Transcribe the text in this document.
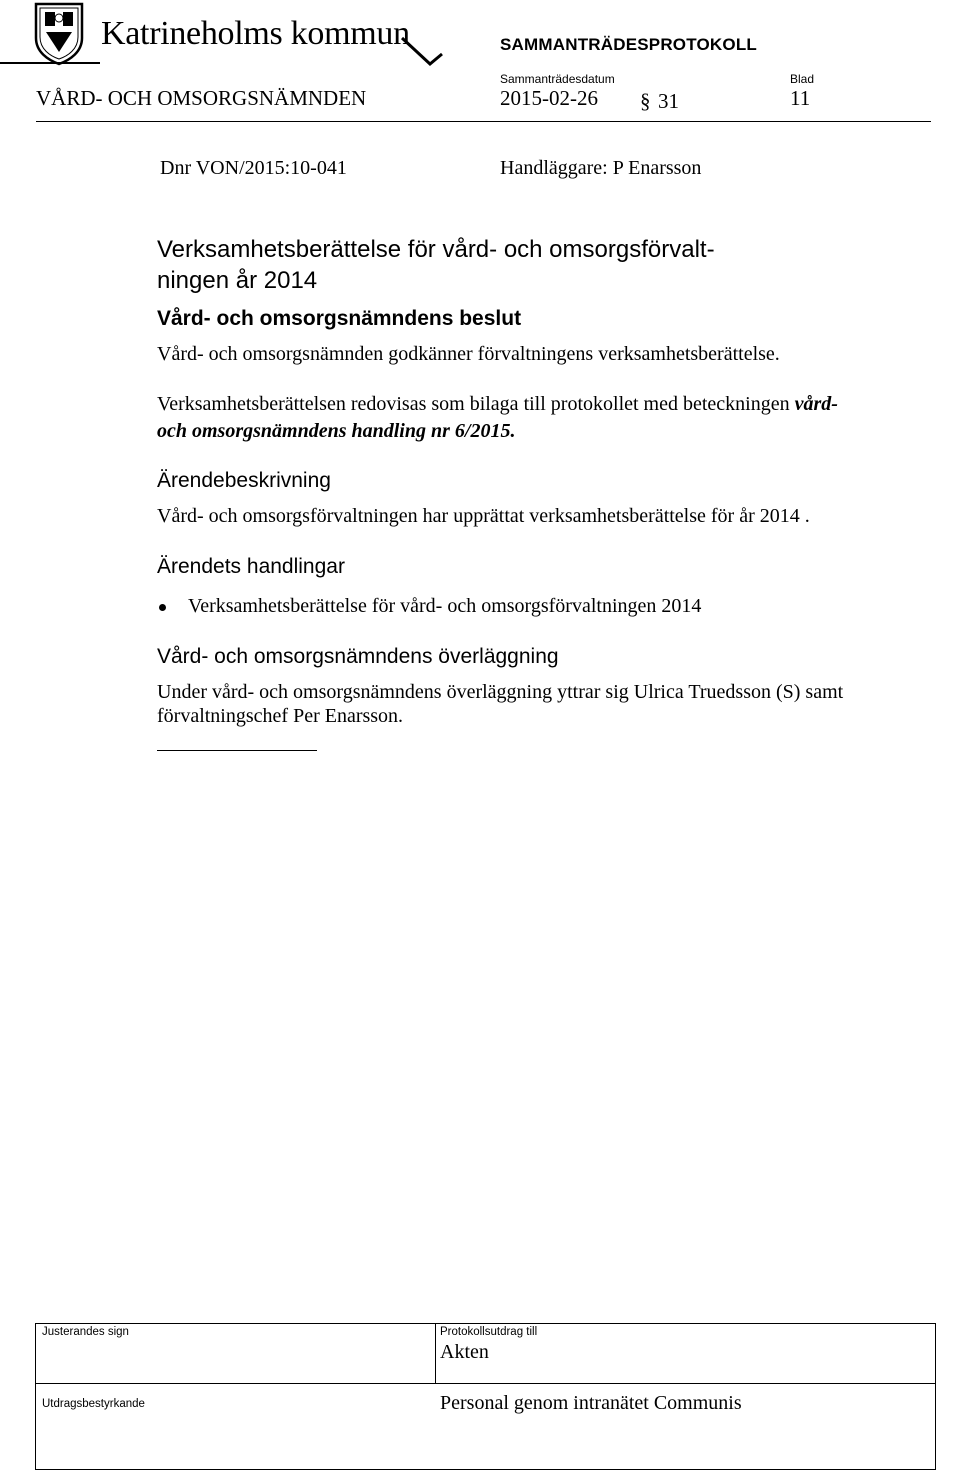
Katrineholms kommun	SAMMANTRÄDESPROTOKOLL
Sammanträdesdatum	Blad
VÅRD- OCH OMSORGSNÄMNDEN	2015-02-26 § 31	11
Dnr VON/2015:10-041	Handläggare: P Enarsson
Verksamhetsberättelse för vård- och omsorgsförvalt-
ningen år 2014
Vård- och omsorgsnämndens beslut
Vård- och omsorgsnämnden godkänner förvaltningens verksamhetsberättelse.
Verksamhetsberättelsen redovisas som bilaga till protokollet med beteckningen vård-
och omsorgsnämndens handling nr 6/2015.
Ärendebeskrivning
Vård- och omsorgsförvaltningen har upprättat verksamhetsberättelse för år 2014 .
Ärendets handlingar
Verksamhetsberättelse för vård- och omsorgsförvaltningen 2014
Vård- och omsorgsnämndens överläggning
Under vård- och omsorgsnämndens överläggning yttrar sig Ulrica Truedsson (S) samt
förvaltningschef Per Enarsson.
Justerandes sign	Protokollsutdrag till
Akten
Utdragsbestyrkande	Personal genom intranätet Communis
